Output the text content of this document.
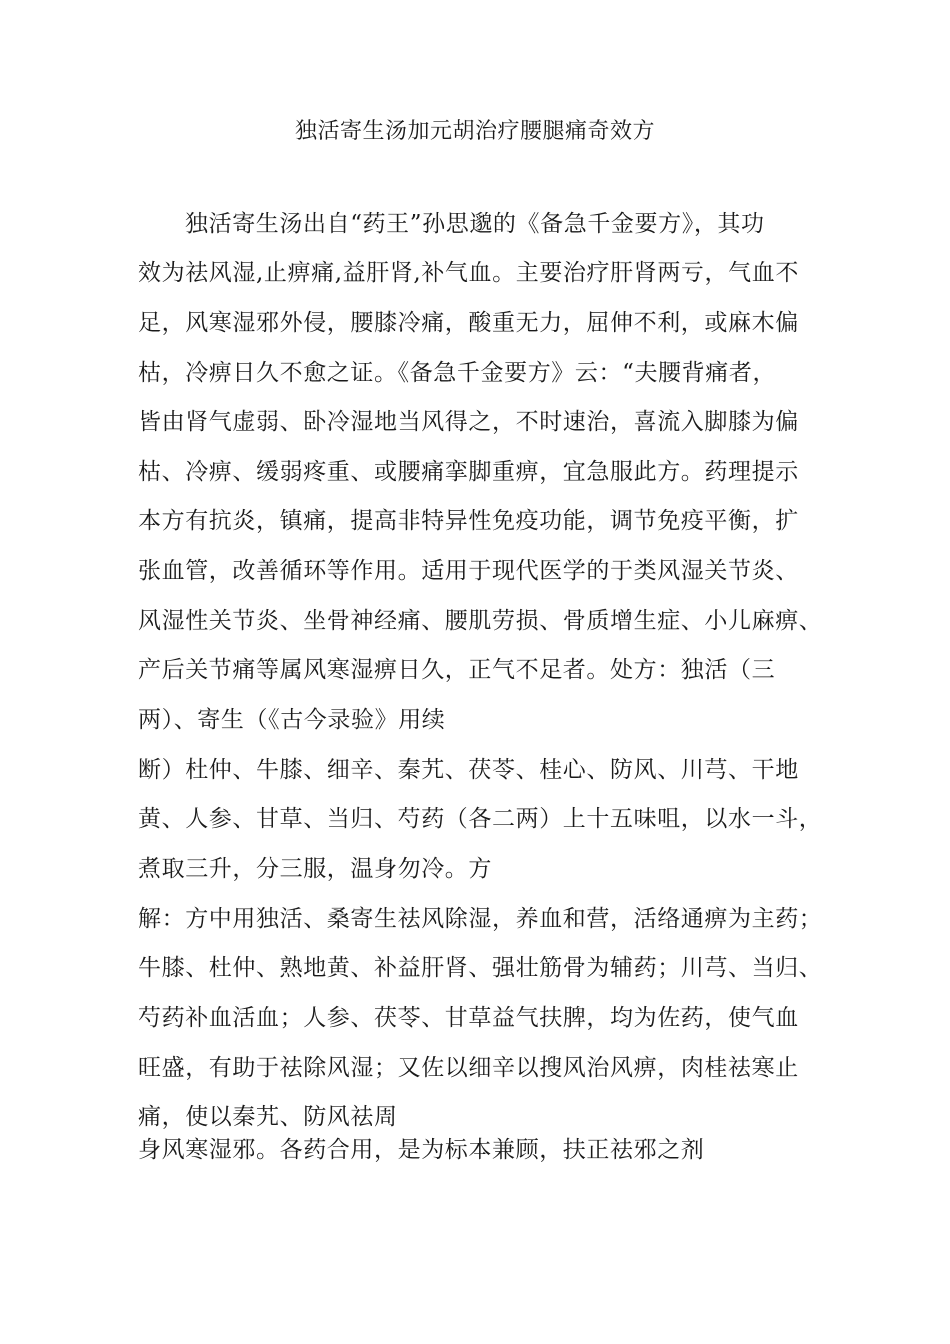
独活寄生汤加元胡治疗腰腿痛奇效方
独活寄生汤出自“药王”孙思邈的《备急千金要方》，其功
效为祛风湿,止痹痛,益肝肾,补气血。主要治疗肝肾两亏，气血不
足，风寒湿邪外侵，腰膝冷痛，酸重无力，屈伸不利，或麻木偏
枯，冷痹日久不愈之证。《备急千金要方》云：“夫腰背痛者，
皆由肾气虚弱、卧冷湿地当风得之，不时速治，喜流入脚膝为偏
枯、冷痹、缓弱疼重、或腰痛挛脚重痹，宜急服此方。药理提示
本方有抗炎，镇痛，提高非特异性免疫功能，调节免疫平衡，扩
张血管，改善循环等作用。适用于现代医学的于类风湿关节炎、
风湿性关节炎、坐骨神经痛、腰肌劳损、骨质增生症、小儿麻痹、
产后关节痛等属风寒湿痹日久，正气不足者。处方：独活（三
两）、寄生（《古今录验》用续
断）杜仲、牛膝、细辛、秦艽、茯苓、桂心、防风、川芎、干地
黄、人参、甘草、当归、芍药（各二两）上十五味咀，以水一斗，
煮取三升，分三服，温身勿冷。方
解：方中用独活、桑寄生祛风除湿，养血和营，活络通痹为主药；
牛膝、杜仲、熟地黄、补益肝肾、强壮筋骨为辅药；川芎、当归、
芍药补血活血；人参、茯苓、甘草益气扶脾，均为佐药，使气血
旺盛，有助于祛除风湿；又佐以细辛以搜风治风痹，肉桂祛寒止
痛，使以秦艽、防风祛周
身风寒湿邪。各药合用，是为标本兼顾，扶正祛邪之剂
